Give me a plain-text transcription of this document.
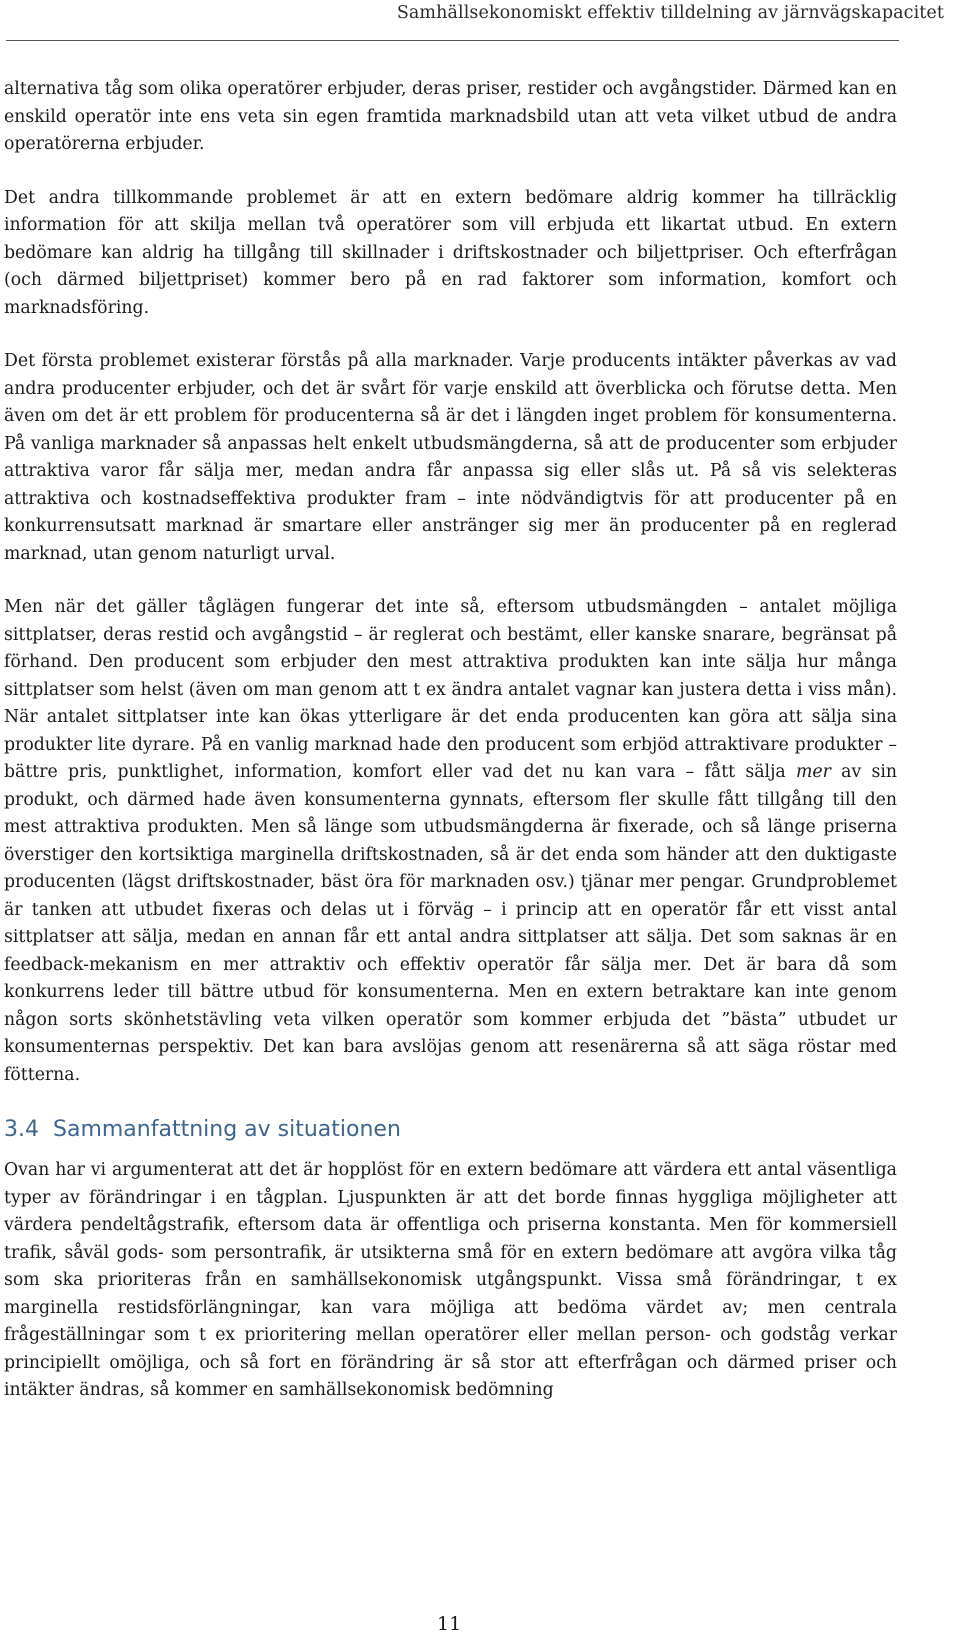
Samhällsekonomiskt effektiv tilldelning av järnvägskapacitet

alternativa tåg som olika operatörer erbjuder, deras priser, restider och avgångstider. Därmed kan en enskild operatör inte ens veta sin egen framtida marknadsbild utan att veta vilket utbud de andra operatörerna erbjuder.

Det andra tillkommande problemet är att en extern bedömare aldrig kommer ha tillräcklig information för att skilja mellan två operatörer som vill erbjuda ett likartat utbud. En extern bedömare kan aldrig ha tillgång till skillnader i driftskostnader och biljettpriser. Och efterfrågan (och därmed biljettpriset) kommer bero på en rad faktorer som information, komfort och marknadsföring.

Det första problemet existerar förstås på alla marknader. Varje producents intäkter påverkas av vad andra producenter erbjuder, och det är svårt för varje enskild att överblicka och förutse detta. Men även om det är ett problem för producenterna så är det i längden inget problem för konsumenterna. På vanliga marknader så anpassas helt enkelt utbudsmängderna, så att de producenter som erbjuder attraktiva varor får sälja mer, medan andra får anpassa sig eller slås ut. På så vis selekteras attraktiva och kostnadseffektiva produkter fram – inte nödvändigtvis för att producenter på en konkurrensutsatt marknad är smartare eller anstränger sig mer än producenter på en reglerad marknad, utan genom naturligt urval.

Men när det gäller tåglägen fungerar det inte så, eftersom utbudsmängden – antalet möjliga sittplatser, deras restid och avgångstid – är reglerat och bestämt, eller kanske snarare, begränsat på förhand. Den producent som erbjuder den mest attraktiva produkten kan inte sälja hur många sittplatser som helst (även om man genom att t ex ändra antalet vagnar kan justera detta i viss mån). När antalet sittplatser inte kan ökas ytterligare är det enda producenten kan göra att sälja sina produkter lite dyrare. På en vanlig marknad hade den producent som erbjöd attraktivare produkter – bättre pris, punktlighet, information, komfort eller vad det nu kan vara – fått sälja mer av sin produkt, och därmed hade även konsumenterna gynnats, eftersom fler skulle fått tillgång till den mest attraktiva produkten. Men så länge som utbudsmängderna är fixerade, och så länge priserna överstiger den kortsiktiga marginella driftskostnaden, så är det enda som händer att den duktigaste producenten (lägst driftskostnader, bäst öra för marknaden osv.) tjänar mer pengar. Grundproblemet är tanken att utbudet fixeras och delas ut i förväg – i princip att en operatör får ett visst antal sittplatser att sälja, medan en annan får ett antal andra sittplatser att sälja. Det som saknas är en feedback-mekanism en mer attraktiv och effektiv operatör får sälja mer. Det är bara då som konkurrens leder till bättre utbud för konsumenterna. Men en extern betraktare kan inte genom någon sorts skönhetstävling veta vilken operatör som kommer erbjuda det ”bästa” utbudet ur konsumenternas perspektiv. Det kan bara avslöjas genom att resenärerna så att säga röstar med fötterna.

3.4 Sammanfattning av situationen

Ovan har vi argumenterat att det är hopplöst för en extern bedömare att värdera ett antal väsentliga typer av förändringar i en tågplan. Ljuspunkten är att det borde finnas hyggliga möjligheter att värdera pendeltågstrafik, eftersom data är offentliga och priserna konstanta. Men för kommersiell trafik, såväl gods- som persontrafik, är utsikterna små för en extern bedömare att avgöra vilka tåg som ska prioriteras från en samhällsekonomisk utgångspunkt. Vissa små förändringar, t ex marginella restidsförlängningar, kan vara möjliga att bedöma värdet av; men centrala frågeställningar som t ex prioritering mellan operatörer eller mellan person- och godståg verkar principiellt omöjliga, och så fort en förändring är så stor att efterfrågan och därmed priser och intäkter ändras, så kommer en samhällsekonomisk bedömning

11
